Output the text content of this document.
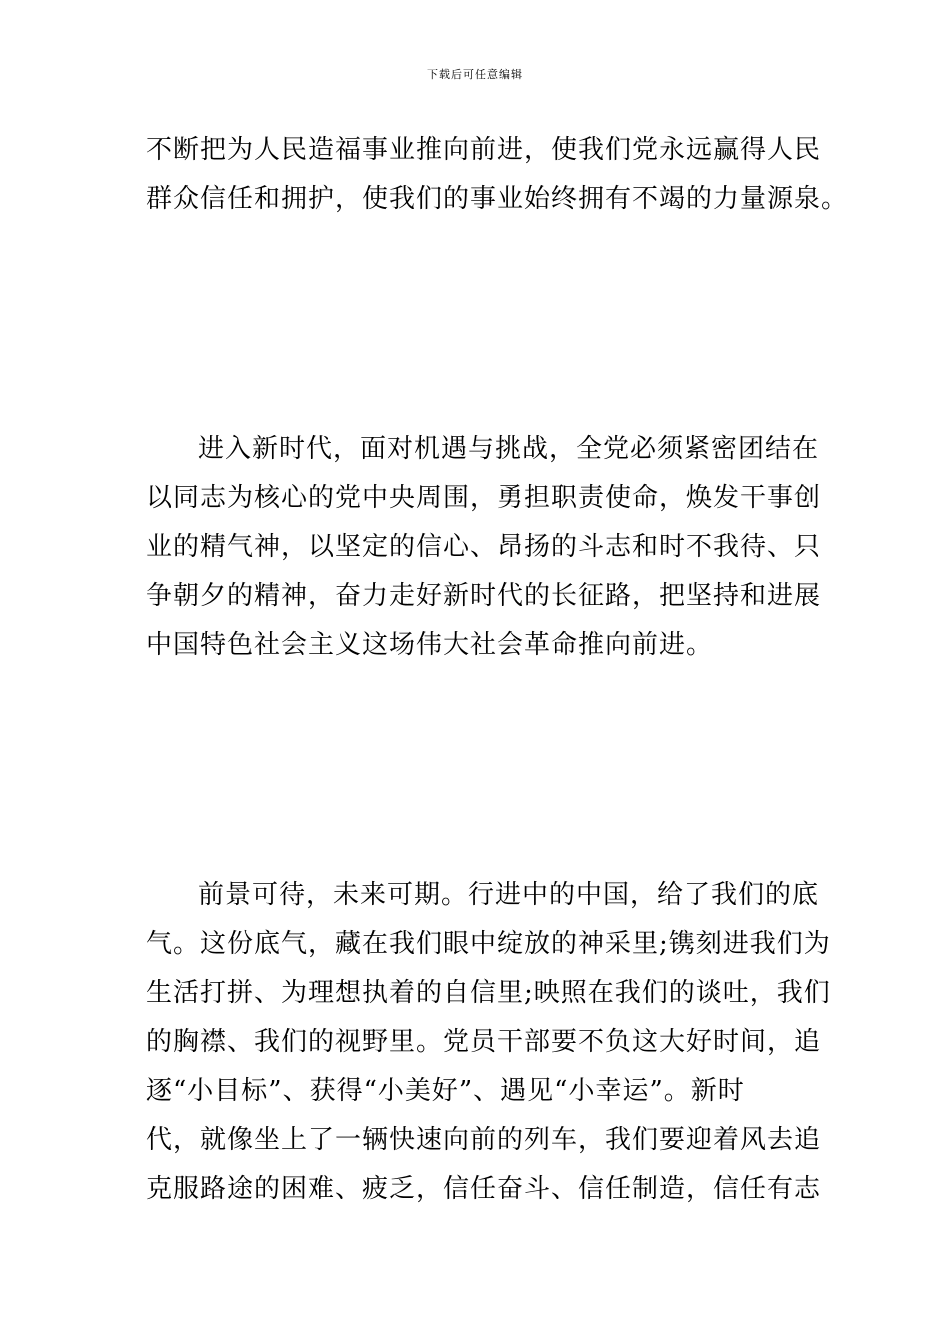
下载后可任意编辑
不断把为人民造福事业推向前进，使我们党永远赢得人民
群众信任和拥护，使我们的事业始终拥有不竭的力量源泉。
进入新时代，面对机遇与挑战，全党必须紧密团结在
以同志为核心的党中央周围，勇担职责使命，焕发干事创
业的精气神，以坚定的信心、昂扬的斗志和时不我待、只
争朝夕的精神，奋力走好新时代的长征路，把坚持和进展
中国特色社会主义这场伟大社会革命推向前进。
前景可待，未来可期。行进中的中国，给了我们的底
气。这份底气，藏在我们眼中绽放的神采里;镌刻进我们为
生活打拼、为理想执着的自信里;映照在我们的谈吐，我们
的胸襟、我们的视野里。党员干部要不负这大好时间，追
逐“小目标”、获得“小美好”、遇见“小幸运”。新时
代，就像坐上了一辆快速向前的列车，我们要迎着风去追
克服路途的困难、疲乏，信任奋斗、信任制造，信任有志
